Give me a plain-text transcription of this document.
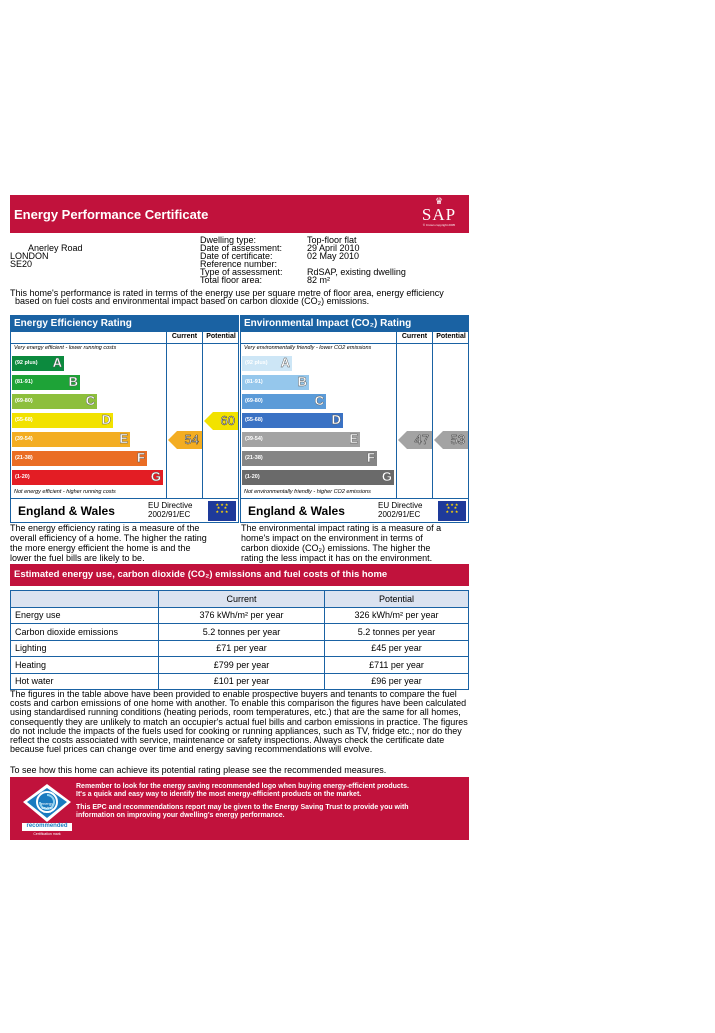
Energy Performance Certificate
♛
SAP
© Crown copyright 2005
Anerley Road
LONDON
SE20
Dwelling type:	Top-floor flat
Date of assessment:	29 April 2010
Date of certificate:	02 May 2010
Reference number:
Type of assessment:	RdSAP, existing dwelling
Total floor area:	82 m²
This home's performance is rated in terms of the energy use per square metre of floor area, energy efficiency
based on fuel costs and environmental impact based on carbon dioxide (CO₂) emissions.
Energy Efficiency Rating
Current	Potential
Very energy efficient - lower running costs
Not energy efficient - higher running costs
(92 plus) A
(81-91)	B
(69-80)	C
(55-68)	D
(39-54)	E
(21-38)	F
(1-20)	G
54
60
England & Wales	EU Directive
2002/91/EC
★ ★ ★
★   ★
★ ★ ★
Environmental Impact (CO₂) Rating
Current	Potential
Very environmentally friendly - lower CO2 emissions
Not environmentally friendly - higher CO2 emissions
(92 plus) A
(81-91)	B
(69-80)	C
(55-68)	D
(39-54)	E
(21-38)	F
(1-20)	G
47 53
England & Wales	EU Directive
2002/91/EC
★ ★ ★
★   ★
★ ★ ★
The energy efficiency rating is a measure of the
overall efficiency of a home. The higher the rating
the more energy efficient the home is and the
lower the fuel bills are likely to be.
The environmental impact rating is a measure of a
home's impact on the environment in terms of
carbon dioxide (CO₂) emissions. The higher the
rating the less impact it has on the environment.
Estimated energy use, carbon dioxide (CO₂) emissions and fuel costs of this home
	Current	Potential
Energy use	376 kWh/m² per year	326 kWh/m² per year
Carbon dioxide emissions	5.2 tonnes per year	5.2 tonnes per year
Lighting	£71 per year	£45 per year
Heating	£799 per year	£711 per year
Hot water	£101 per year	£96 per year
The figures in the table above have been provided to enable prospective buyers and tenants to compare the fuel
costs and carbon emissions of one home with another. To enable this comparison the figures have been calculated
using standardised running conditions (heating periods, room temperatures, etc.) that are the same for all homes,
consequently they are unlikely to match an occupier's actual fuel bills and carbon emissions in practice. The figures
do not include the impacts of the fuels used for cooking or running appliances, such as TV, fridge etc.; nor do they
reflect the costs associated with service, maintenance or safety inspections. Always check the certificate date
because fuel prices can change over time and energy saving recommendations will evolve.
To see how this home can achieve its potential rating please see the recommended measures.
recommended
energy saving
trust
Certification mark
Remember to look for the energy saving recommended logo when buying energy-efficient products.
It's a quick and easy way to identify the most energy-efficient products on the market.
This EPC and recommendations report may be given to the Energy Saving Trust to provide you with
information on improving your dwelling's energy performance.
